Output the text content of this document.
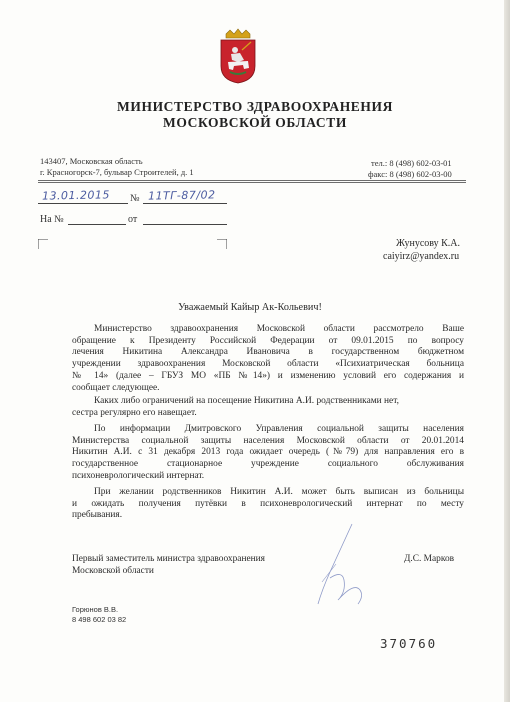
МИНИСТЕРСТВО ЗДРАВООХРАНЕНИЯ
МОСКОВСКОЙ ОБЛАСТИ
143407, Московская область
г. Красногорск-7, бульвар Строителей, д. 1
тел.: 8 (498) 602-03-01
факс: 8 (498) 602-03-00
13.01.2015 № 11ТГ-87/02
На №	от
Жунусову К.А.
caiyirz@yandex.ru
Уважаемый Кайыр Ак-Кольевич!
Министерство здравоохранения Московской области рассмотрело Ваше
обращение к Президенту Российской Федерации от 09.01.2015 по вопросу
лечения Никитина Александра Ивановича в государственном бюджетном
учреждении здравоохранения Московской области «Психиатрическая больница
№ 14» (далее – ГБУЗ МО «ПБ №14») и изменению условий его содержания и
сообщает следующее.
Каких либо ограничений на посещение Никитина А.И. родственниками нет,
сестра регулярно его навещает.
По информации Дмитровского Управления социальной защиты населения
Министерства социальной защиты населения Московской области от 20.01.2014
Никитин А.И. с 31 декабря 2013 года ожидает очередь (№79) для направления его в
государственное стационарное учреждение социального обслуживания
психоневрологический интернат.
При желании родственников Никитин А.И. может быть выписан из больницы
и ожидать получения путёвки в психоневрологический интернат по месту
пребывания.
Первый заместитель министра здравоохранения
Московской области
Д.С. Марков
Горюнов В.В.
8 498 602 03 82
370760
